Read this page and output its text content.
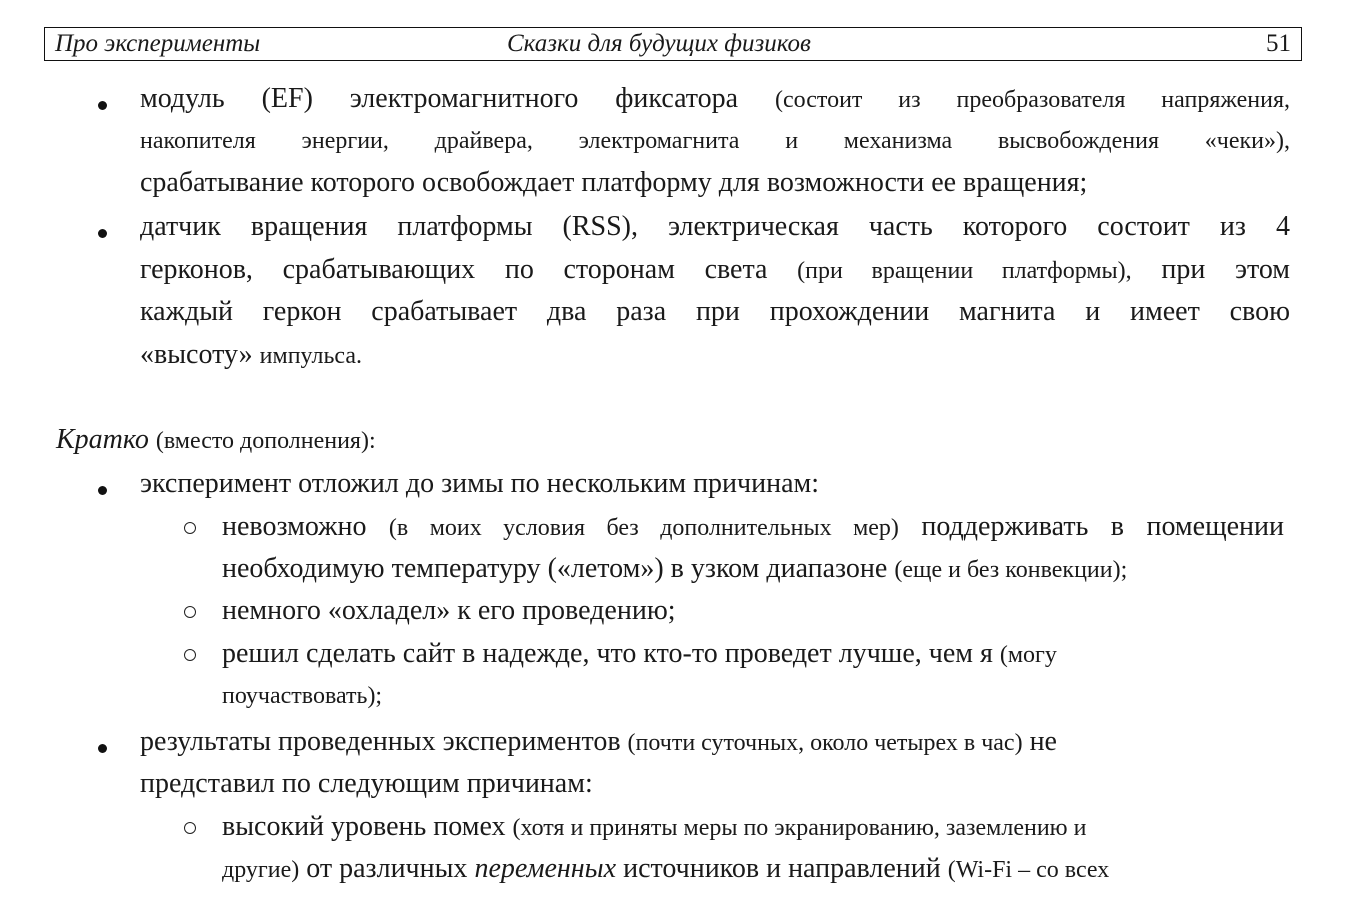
Про эксперименты	Сказки для будущих физиков	51
модуль (EF) электромагнитного фиксатора (состоит из преобразователя напряжения,
накопителя энергии, драйвера, электромагнита и механизма высвобождения «чеки»),
срабатывание которого освобождает платформу для возможности ее вращения;
датчик вращения платформы (RSS), электрическая часть которого состоит из 4
герконов, срабатывающих по сторонам света (при вращении платформы), при этом
каждый геркон срабатывает два раза при прохождении магнита и имеет свою
«высоту» импульса.
Кратко (вместо дополнения):
эксперимент отложил до зимы по нескольким причинам:
невозможно (в моих условия без дополнительных мер) поддерживать в помещении
необходимую температуру («летом») в узком диапазоне (еще и без конвекции);
немного «охладел» к его проведению;
решил сделать сайт в надежде, что кто-то проведет лучше, чем я (могу
поучаствовать);
результаты проведенных экспериментов (почти суточных, около четырех в час) не
представил по следующим причинам:
высокий уровень помех (хотя и приняты меры по экранированию, заземлению и
другие) от различных переменных источников и направлений (Wi-Fi – со всех
